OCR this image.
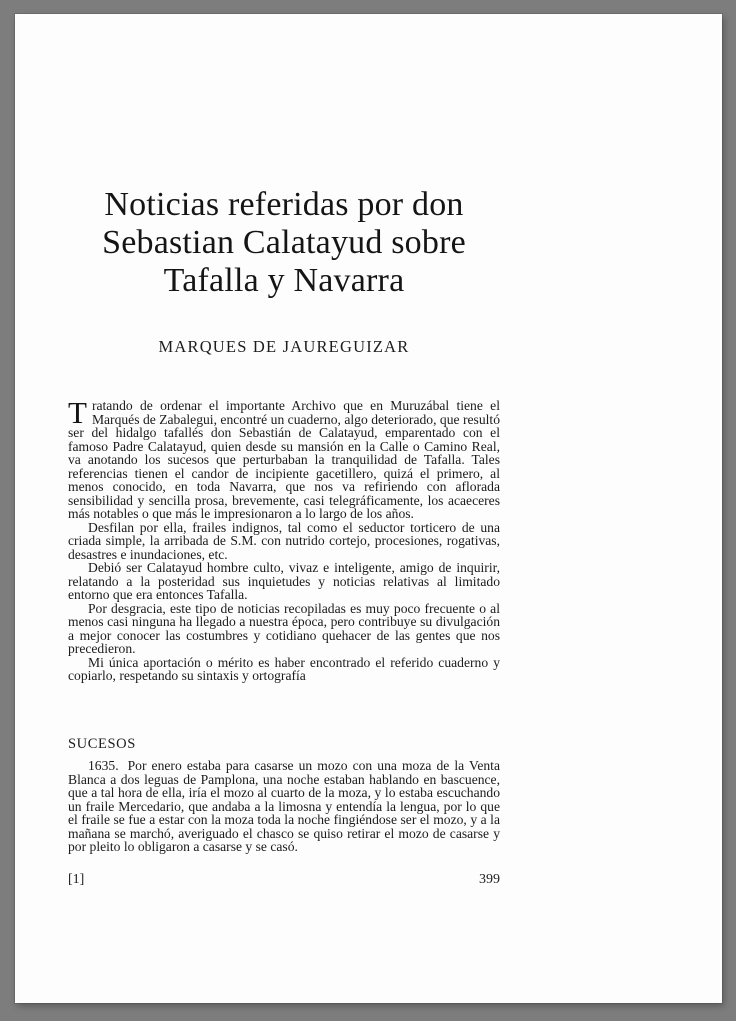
Noticias referidas por don
Sebastian Calatayud sobre
Tafalla y Navarra
MARQUES DE JAUREGUIZAR

Tratando de ordenar el importante Archivo que en Muruzábal tiene el Marqués de Zabalegui, encontré un cuaderno, algo deteriorado, que resultó ser del hidalgo tafallés don Sebastián de Calatayud, emparentado con el famoso Padre Calatayud, quien desde su mansión en la Calle o Camino Real, va anotando los sucesos que perturbaban la tranquilidad de Tafalla. Tales referencias tienen el candor de incipiente gacetillero, quizá el primero, al menos conocido, en toda Navarra, que nos va refiriendo con aflorada sensibilidad y sencilla prosa, brevemente, casi telegráficamente, los acaeceres más notables o que más le impresionaron a lo largo de los años.

Desfilan por ella, frailes indignos, tal como el seductor torticero de una criada simple, la arribada de S.M. con nutrido cortejo, procesiones, rogativas, desastres e inundaciones, etc.

Debió ser Calatayud hombre culto, vivaz e inteligente, amigo de inquirir, relatando a la posteridad sus inquietudes y noticias relativas al limitado entorno que era entonces Tafalla.

Por desgracia, este tipo de noticias recopiladas es muy poco frecuente o al menos casi ninguna ha llegado a nuestra época, pero contribuye su divulgación a mejor conocer las costumbres y cotidiano quehacer de las gentes que nos precedieron.

Mi única aportación o mérito es haber encontrado el referido cuaderno y copiarlo, respetando su sintaxis y ortografía

SUCESOS

1635. Por enero estaba para casarse un mozo con una moza de la Venta Blanca a dos leguas de Pamplona, una noche estaban hablando en bascuence, que a tal hora de ella, iría el mozo al cuarto de la moza, y lo estaba escuchando un fraile Mercedario, que andaba a la limosna y entendía la lengua, por lo que el fraile se fue a estar con la moza toda la noche fingiéndose ser el mozo, y a la mañana se marchó, averiguado el chasco se quiso retirar el mozo de casarse y por pleito lo obligaron a casarse y se casó.

[1]	399
